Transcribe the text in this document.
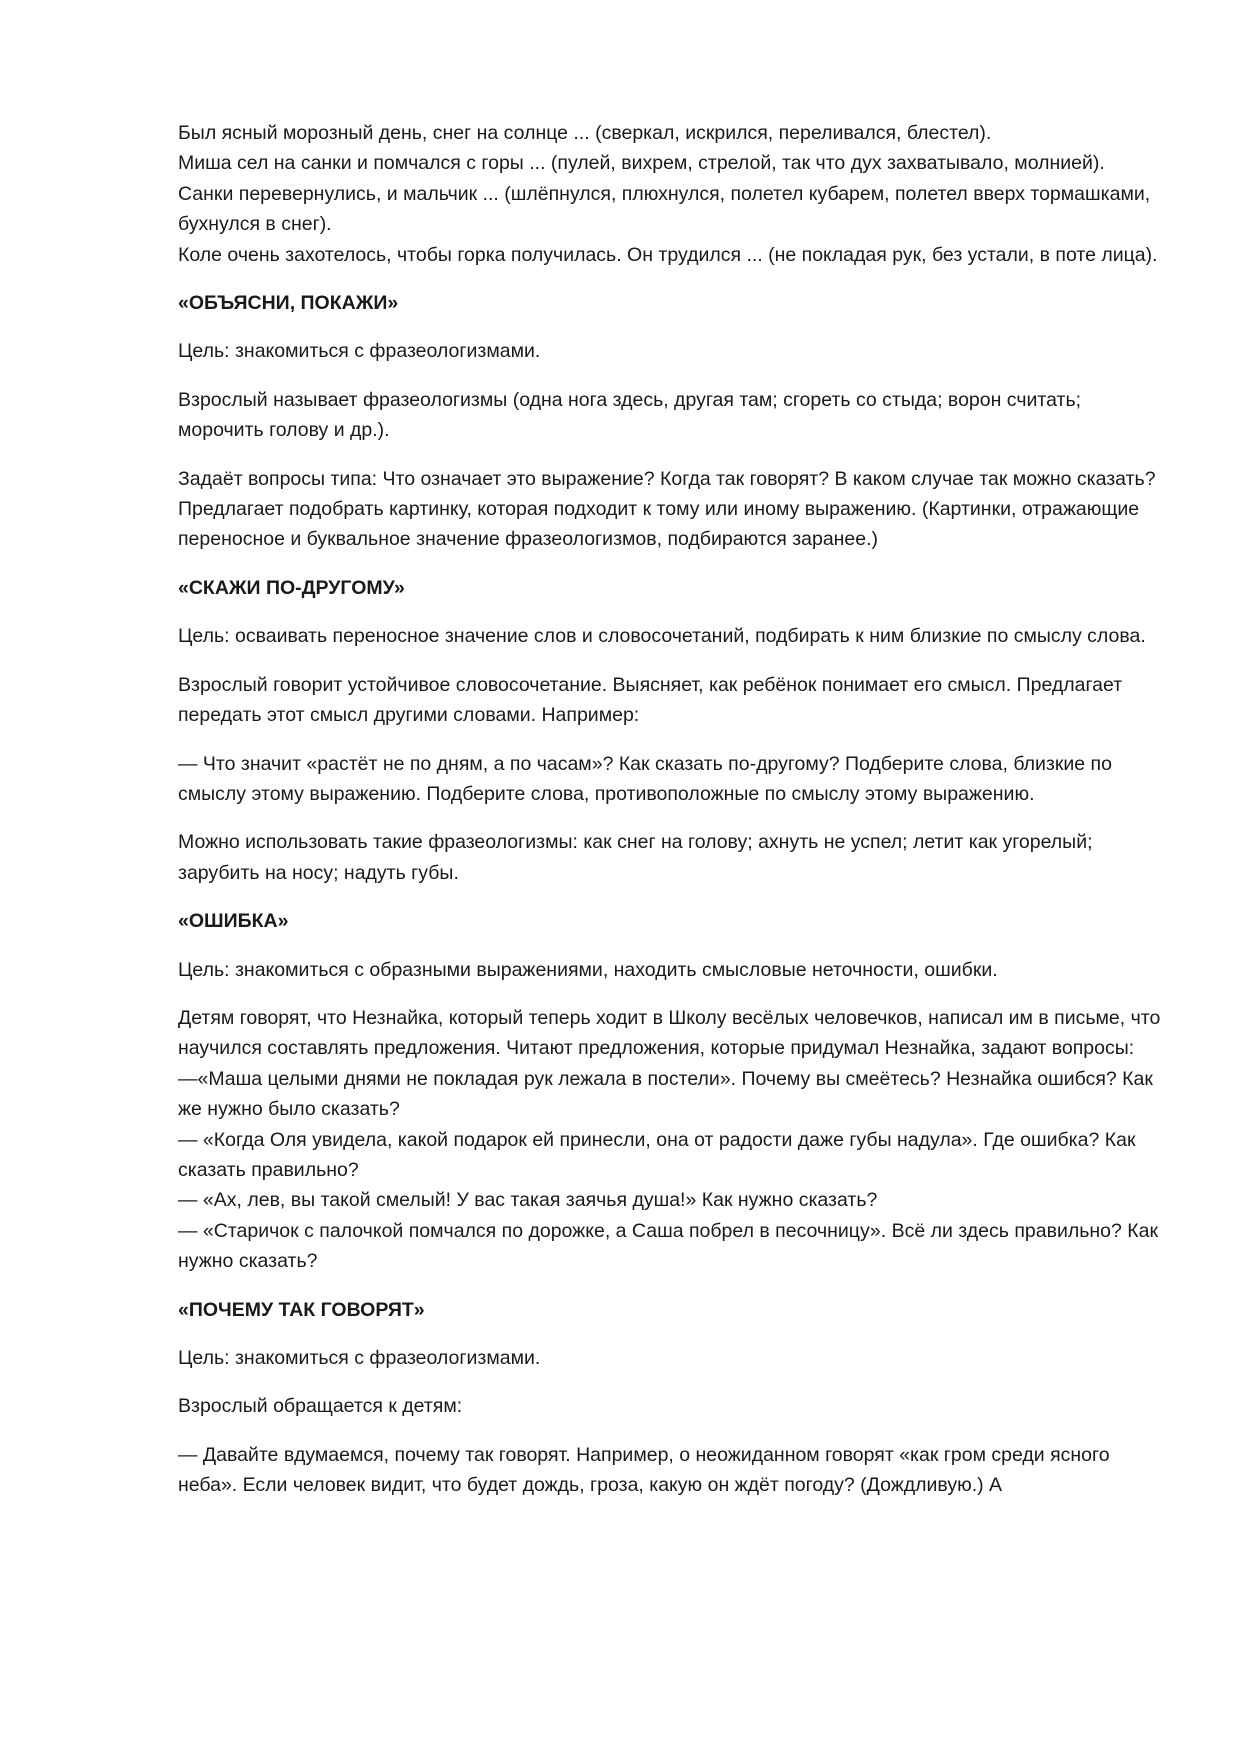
Был ясный морозный день, снег на солнце ... (сверкал, искрился, переливался, блестел).

Миша сел на санки и помчался с горы ... (пулей, вихрем, стрелой, так что дух захватывало, молнией).

Санки перевернулись, и мальчик ... (шлёпнулся, плюхнулся, полетел кубарем, полетел вверх тормашками, бухнулся в снег).

Коле очень захотелось, чтобы горка получилась. Он трудился ... (не покладая рук, без устали, в поте лица).

«ОБЪЯСНИ, ПОКАЖИ»

Цель: знакомиться с фразеологизмами.

Взрослый называет фразеологизмы (одна нога здесь, другая там; сгореть со стыда; ворон считать; морочить голову и др.).

Задаёт вопросы типа: Что означает это выражение? Когда так говорят? В каком случае так можно сказать? Предлагает подобрать картинку, которая подходит к тому или иному выражению. (Картинки, отражающие переносное и буквальное значение фразеологизмов, подбираются заранее.)

«СКАЖИ ПО-ДРУГОМУ»

Цель: осваивать переносное значение слов и словосочетаний, подбирать к ним близкие по смыслу слова.

Взрослый говорит устойчивое словосочетание. Выясняет, как ребёнок понимает его смысл. Предлагает передать этот смысл другими словами. Например:

— Что значит «растёт не по дням, а по часам»? Как сказать по-другому? Подберите слова, близкие по смыслу этому выражению. Подберите слова, противоположные по смыслу этому выражению.

Можно использовать такие фразеологизмы: как снег на голову; ахнуть не успел; летит как угорелый; зарубить на носу; надуть губы.

«ОШИБКА»

Цель: знакомиться с образными выражениями, находить смысловые неточности, ошибки.

Детям говорят, что Незнайка, который теперь ходит в Школу весёлых человечков, написал им в письме, что научился составлять предложения. Читают предложения, которые придумал Незнайка, задают вопросы:

—«Маша целыми днями не покладая рук лежала в постели». Почему вы смеётесь? Незнайка ошибся? Как же нужно было сказать?

— «Когда Оля увидела, какой подарок ей принесли, она от радости даже губы надула». Где ошибка? Как сказать правильно?

— «Ах, лев, вы такой смелый! У вас такая заячья душа!» Как нужно сказать?

— «Старичок с палочкой помчался по дорожке, а Саша побрел в песочницу». Всё ли здесь правильно? Как нужно сказать?

«ПОЧЕМУ ТАК ГОВОРЯТ»

Цель: знакомиться с фразеологизмами.

Взрослый обращается к детям:

— Давайте вдумаемся, почему так говорят. Например, о неожиданном говорят «как гром среди ясного неба». Если человек видит, что будет дождь, гроза, какую он ждёт погоду? (Дождливую.) А
